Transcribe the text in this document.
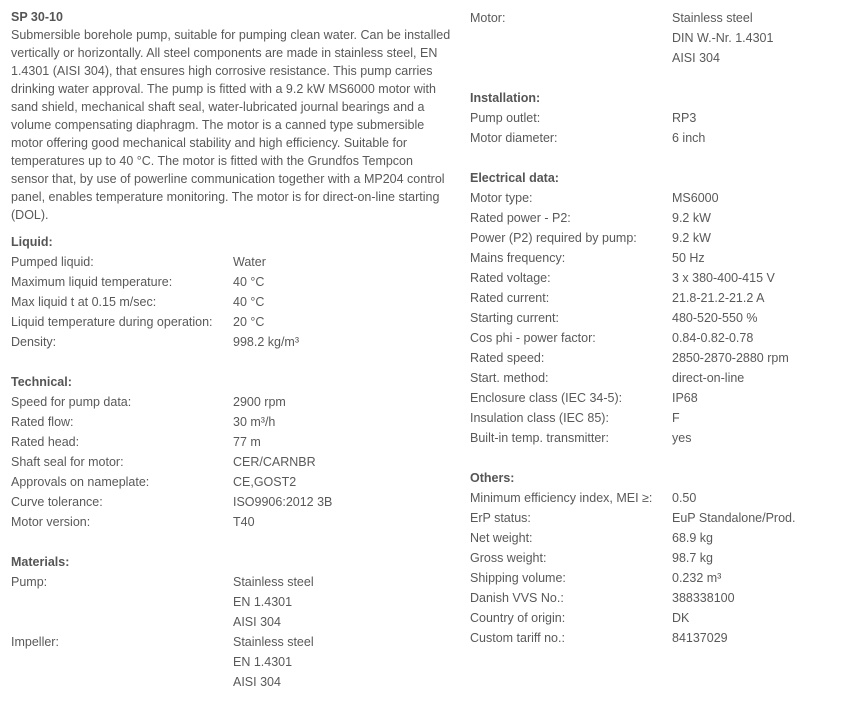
SP 30-10

Submersible borehole pump, suitable for pumping clean water. Can be installed vertically or horizontally. All steel components are made in stainless steel, EN 1.4301 (AISI 304), that ensures high corrosive resistance. This pump carries drinking water approval. The pump is fitted with a 9.2 kW MS6000 motor with sand shield, mechanical shaft seal, water-lubricated journal bearings and a volume compensating diaphragm. The motor is a canned type submersible motor offering good mechanical stability and high efficiency. Suitable for temperatures up to 40 °C. The motor is fitted with the Grundfos Tempcon sensor that, by use of powerline communication together with a MP204 control panel, enables temperature monitoring. The motor is for direct-on-line starting (DOL).

Liquid:
Pumped liquid:	Water
Maximum liquid temperature:	40 °C
Max liquid t at 0.15 m/sec:	40 °C
Liquid temperature during operation: 20 °C
Density:	998.2 kg/m³
Technical:
Speed for pump data:	2900 rpm
Rated flow:	30 m³/h
Rated head:	77 m
Shaft seal for motor:	CER/CARNBR
Approvals on nameplate:	CE,GOST2
Curve tolerance:	ISO9906:2012 3B
Motor version:	T40
Materials:
Pump:	Stainless steel
EN 1.4301
AISI 304
Impeller:	Stainless steel
EN 1.4301
AISI 304
Motor:	Stainless steel
DIN W.-Nr. 1.4301
AISI 304
Installation:
Pump outlet:	RP3
Motor diameter:	6 inch
Electrical data:
Motor type:	MS6000
Rated power - P2:	9.2 kW
Power (P2) required by pump:	9.2 kW
Mains frequency:	50 Hz
Rated voltage:	3 x 380-400-415 V
Rated current:	21.8-21.2-21.2 A
Starting current:	480-520-550 %
Cos phi - power factor:	0.84-0.82-0.78
Rated speed:	2850-2870-2880 rpm
Start. method:	direct-on-line
Enclosure class (IEC 34-5):	IP68
Insulation class (IEC 85):	F
Built-in temp. transmitter:	yes
Others:
Minimum efficiency index, MEI ≥: 0.50
ErP status:	EuP Standalone/Prod.
Net weight:	68.9 kg
Gross weight:	98.7 kg
Shipping volume:	0.232 m³
Danish VVS No.:	388338100
Country of origin:	DK
Custom tariff no.:	84137029
